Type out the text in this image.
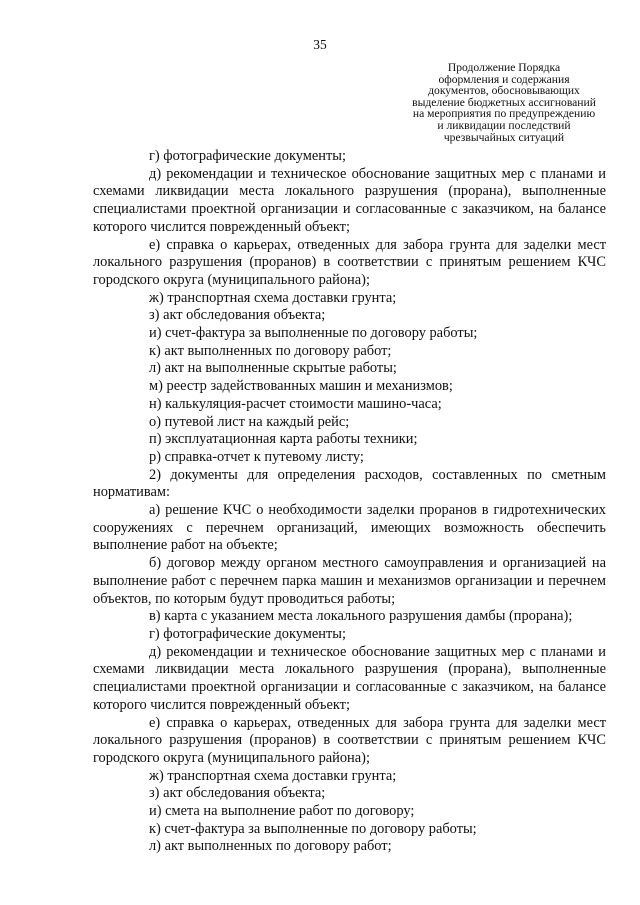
35
Продолжение Порядка
оформления и содержания
документов, обосновывающих
выделение бюджетных ассигнований
на мероприятия по предупреждению
и ликвидации последствий
чрезвычайных ситуаций

г) фотографические документы;

д) рекомендации и техническое обоснование защитных мер с планами и схемами ликвидации места локального разрушения (прорана), выполненные специалистами проектной организации и согласованные с заказчиком, на балансе которого числится поврежденный объект;

е) справка о карьерах, отведенных для забора грунта для заделки мест локального разрушения (проранов) в соответствии с принятым решением КЧС городского округа (муниципального района);

ж) транспортная схема доставки грунта;

з) акт обследования объекта;

и) счет-фактура за выполненные по договору работы;

к) акт выполненных по договору работ;

л) акт на выполненные скрытые работы;

м) реестр задействованных машин и механизмов;

н) калькуляция-расчет стоимости машино-часа;

о) путевой лист на каждый рейс;

п) эксплуатационная карта работы техники;

р) справка-отчет к путевому листу;

2) документы для определения расходов, составленных по сметным нормативам:

а) решение КЧС о необходимости заделки проранов в гидротехнических сооружениях с перечнем организаций, имеющих возможность обеспечить выполнение работ на объекте;

б) договор между органом местного самоуправления и организацией на выполнение работ с перечнем парка машин и механизмов организации и перечнем объектов, по которым будут проводиться работы;

в) карта с указанием места локального разрушения дамбы (прорана);

г) фотографические документы;

д) рекомендации и техническое обоснование защитных мер с планами и схемами ликвидации места локального разрушения (прорана), выполненные специалистами проектной организации и согласованные с заказчиком, на балансе которого числится поврежденный объект;

е) справка о карьерах, отведенных для забора грунта для заделки мест локального разрушения (проранов) в соответствии с принятым решением КЧС городского округа (муниципального района);

ж) транспортная схема доставки грунта;

з) акт обследования объекта;

и) смета на выполнение работ по договору;

к) счет-фактура за выполненные по договору работы;

л) акт выполненных по договору работ;
